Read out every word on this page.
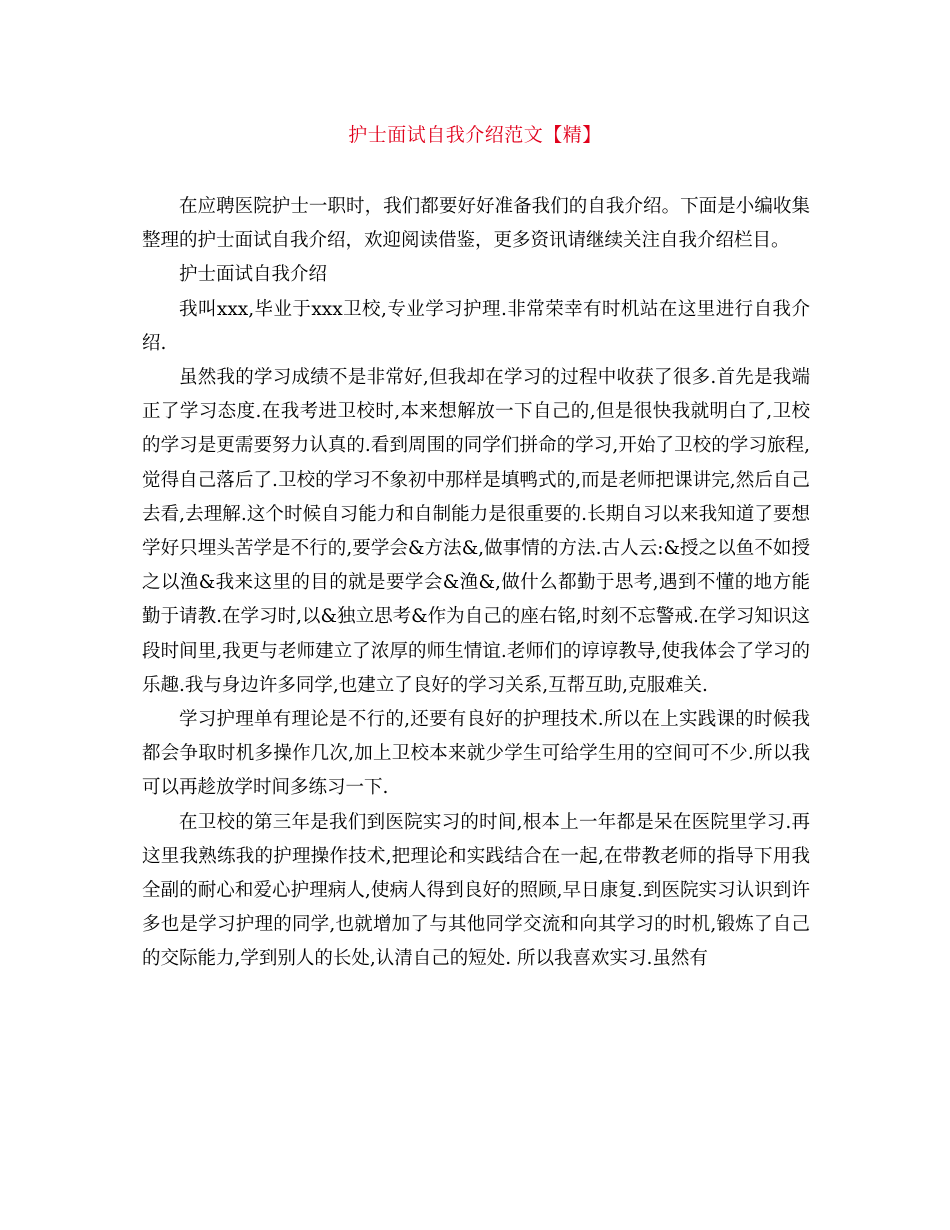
护士面试自我介绍范文【精】

在应聘医院护士一职时，我们都要好好准备我们的自我介绍。下面是小编收集整理的护士面试自我介绍，欢迎阅读借鉴，更多资讯请继续关注自我介绍栏目。

护士面试自我介绍

我叫xxx,毕业于xxx卫校,专业学习护理.非常荣幸有时机站在这里进行自我介绍.

虽然我的学习成绩不是非常好,但我却在学习的过程中收获了很多.首先是我端正了学习态度.在我考进卫校时,本来想解放一下自己的,但是很快我就明白了,卫校的学习是更需要努力认真的.看到周围的同学们拼命的学习,开始了卫校的学习旅程,觉得自己落后了.卫校的学习不象初中那样是填鸭式的,而是老师把课讲完,然后自己去看,去理解.这个时候自习能力和自制能力是很重要的.长期自习以来我知道了要想学好只埋头苦学是不行的,要学会&方法&,做事情的方法.古人云:&授之以鱼不如授之以渔&我来这里的目的就是要学会&渔&,做什么都勤于思考,遇到不懂的地方能勤于请教.在学习时,以&独立思考&作为自己的座右铭,时刻不忘警戒.在学习知识这段时间里,我更与老师建立了浓厚的师生情谊.老师们的谆谆教导,使我体会了学习的乐趣.我与身边许多同学,也建立了良好的学习关系,互帮互助,克服难关.

学习护理单有理论是不行的,还要有良好的护理技术.所以在上实践课的时候我都会争取时机多操作几次,加上卫校本来就少学生可给学生用的空间可不少.所以我可以再趁放学时间多练习一下.

在卫校的第三年是我们到医院实习的时间,根本上一年都是呆在医院里学习.再这里我熟练我的护理操作技术,把理论和实践结合在一起,在带教老师的指导下用我全副的耐心和爱心护理病人,使病人得到良好的照顾,早日康复.到医院实习认识到许多也是学习护理的同学,也就增加了与其他同学交流和向其学习的时机,锻炼了自己的交际能力,学到别人的长处,认清自己的短处. 所以我喜欢实习.虽然有
